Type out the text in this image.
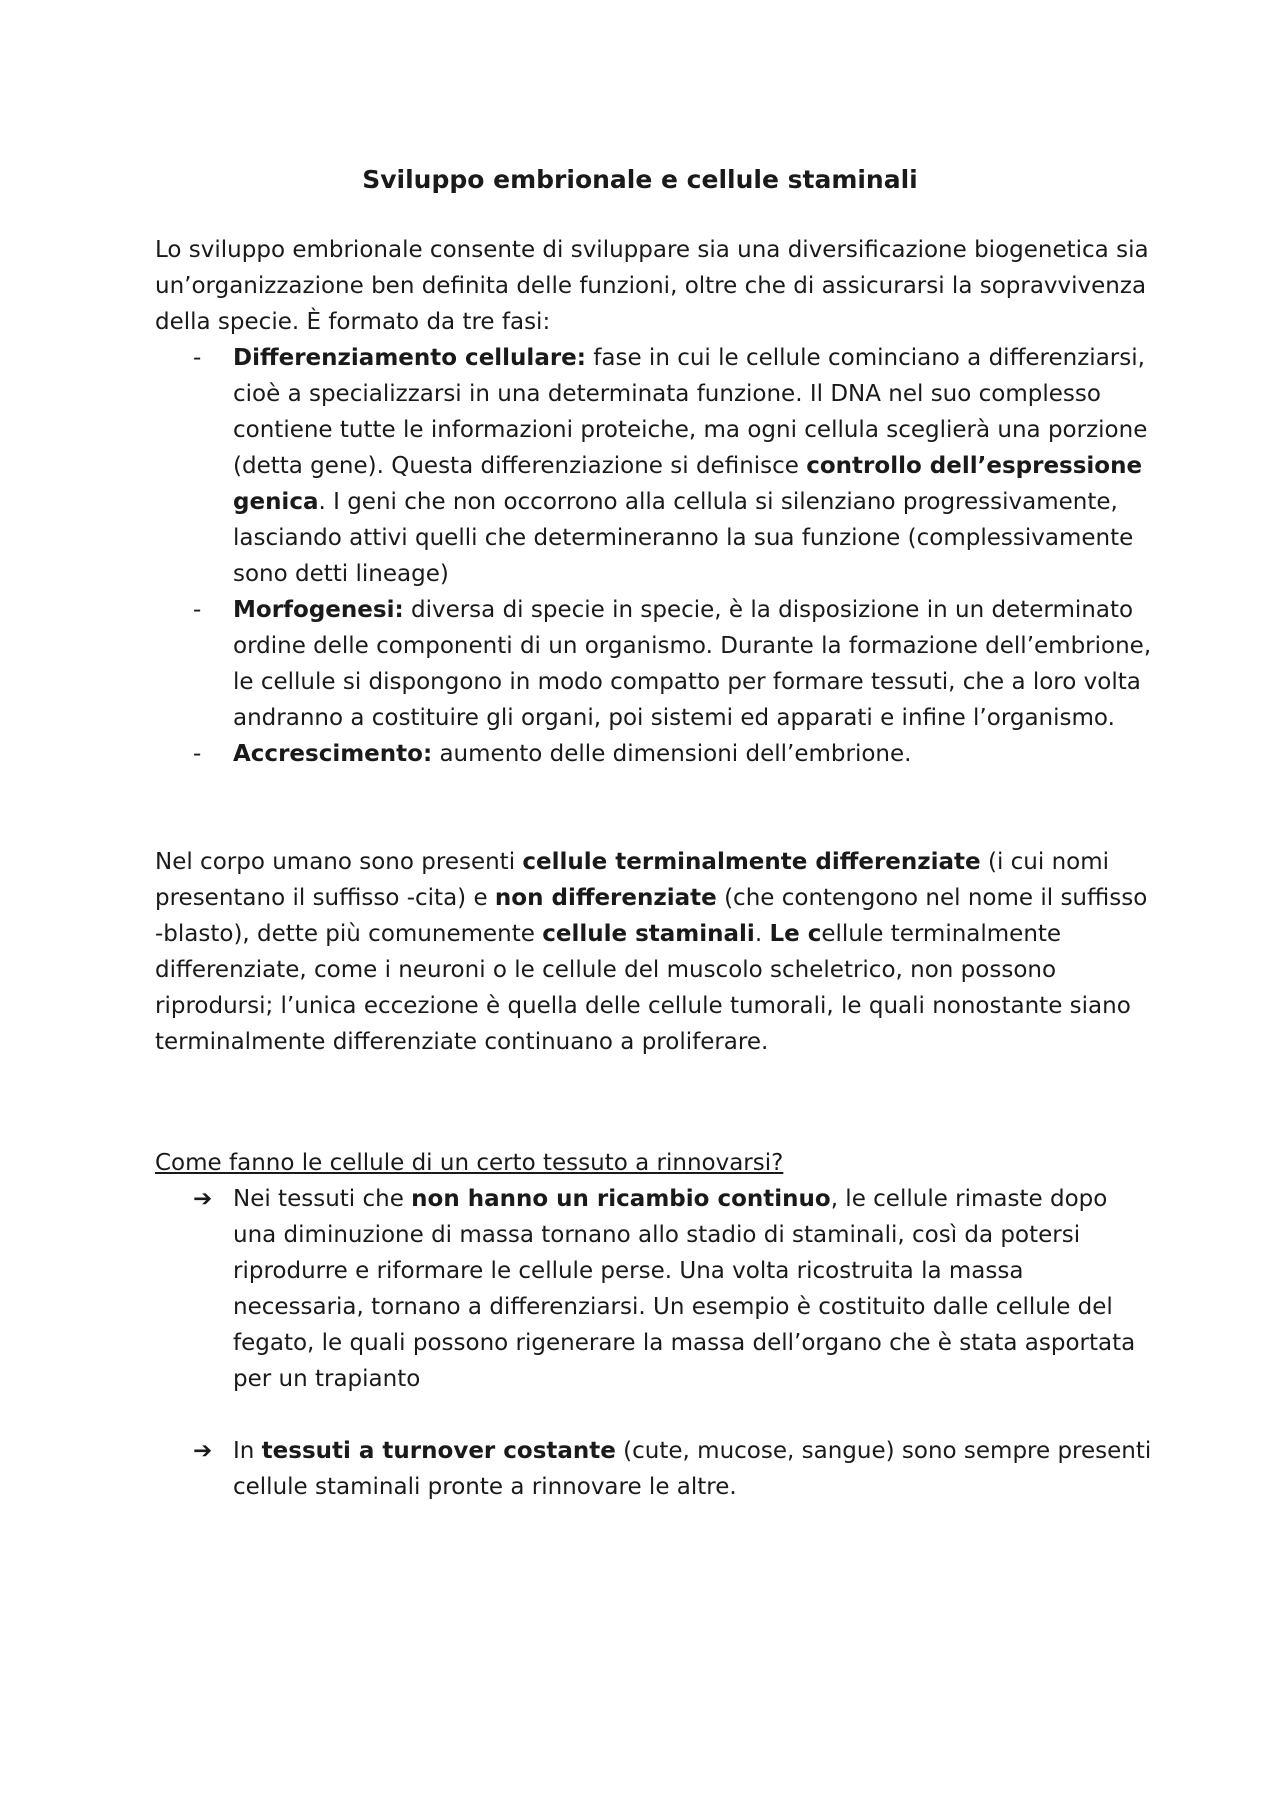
Sviluppo embrionale e cellule staminali

Lo sviluppo embrionale consente di sviluppare sia una diversificazione biogenetica sia un’organizzazione ben definita delle funzioni, oltre che di assicurarsi la sopravvivenza della specie. È formato da tre fasi:

- Differenziamento cellulare: fase in cui le cellule cominciano a differenziarsi, cioè a specializzarsi in una determinata funzione. Il DNA nel suo complesso contiene tutte le informazioni proteiche, ma ogni cellula sceglierà una porzione (detta gene). Questa differenziazione si definisce controllo dell’espressione genica. I geni che non occorrono alla cellula si silenziano progressivamente, lasciando attivi quelli che determineranno la sua funzione (complessivamente sono detti lineage)
- Morfogenesi: diversa di specie in specie, è la disposizione in un determinato ordine delle componenti di un organismo. Durante la formazione dell’embrione, le cellule si dispongono in modo compatto per formare tessuti, che a loro volta andranno a costituire gli organi, poi sistemi ed apparati e infine l’organismo.
- Accrescimento: aumento delle dimensioni dell’embrione.

Nel corpo umano sono presenti cellule terminalmente differenziate (i cui nomi presentano il suffisso -cita) e non differenziate (che contengono nel nome il suffisso -blasto), dette più comunemente cellule staminali. Le cellule terminalmente differenziate, come i neuroni o le cellule del muscolo scheletrico, non possono riprodursi; l’unica eccezione è quella delle cellule tumorali, le quali nonostante siano terminalmente differenziate continuano a proliferare.

Come fanno le cellule di un certo tessuto a rinnovarsi?
➔ Nei tessuti che non hanno un ricambio continuo, le cellule rimaste dopo una diminuzione di massa tornano allo stadio di staminali, così da potersi riprodurre e riformare le cellule perse. Una volta ricostruita la massa necessaria, tornano a differenziarsi. Un esempio è costituito dalle cellule del fegato, le quali possono rigenerare la massa dell’organo che è stata asportata per un trapianto
➔ In tessuti a turnover costante (cute, mucose, sangue) sono sempre presenti cellule staminali pronte a rinnovare le altre.
